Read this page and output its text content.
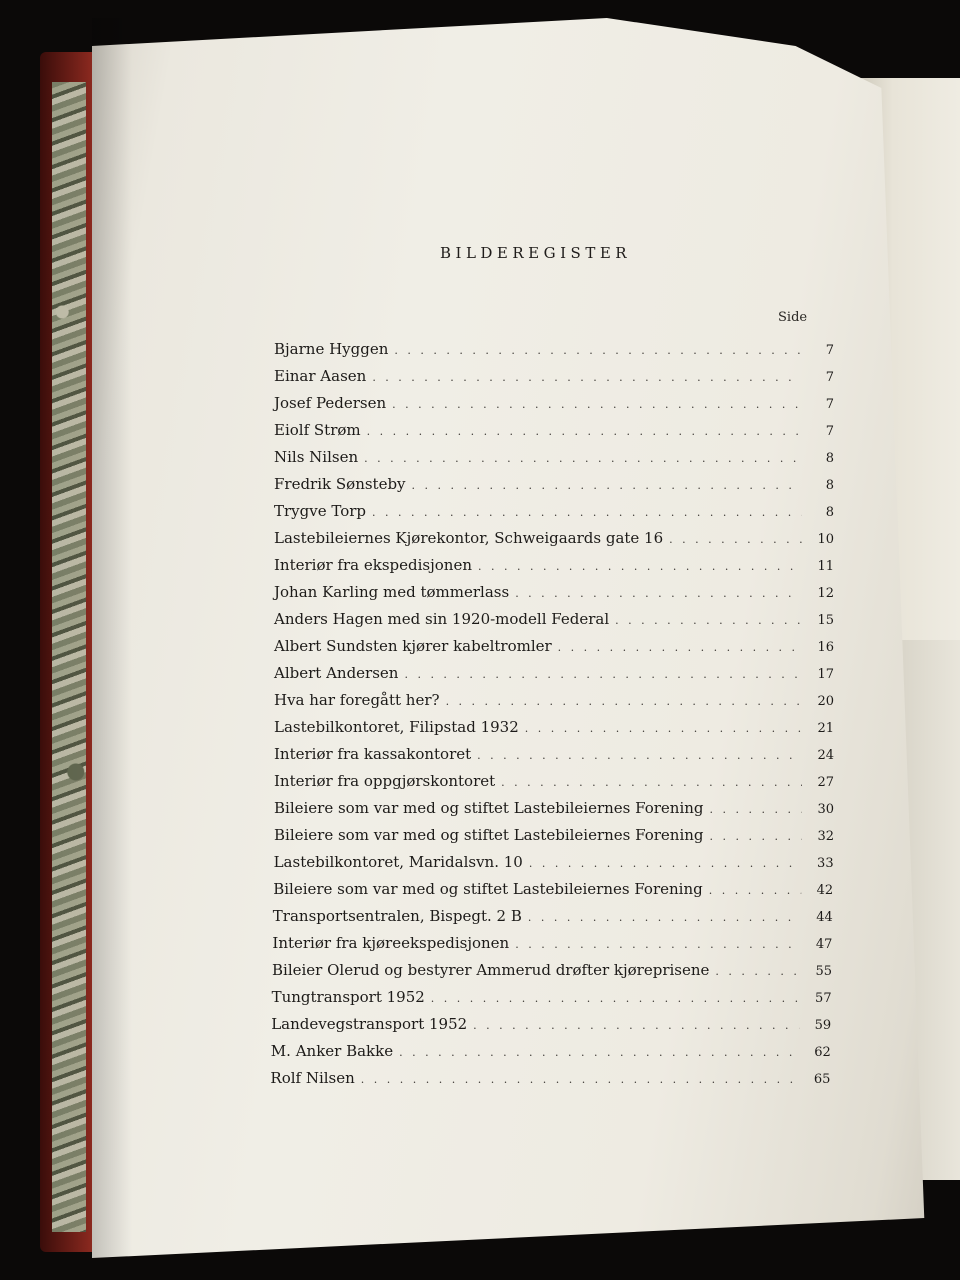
BILDEREGISTER
Side
Bjarne Hyggen . . .	7
Einar Aasen . . .	7
Josef Pedersen . . .	7
Eiolf Strøm . . .	7
Nils Nilsen . . .	8
Fredrik Sønsteby . . .	8
Trygve Torp . . .	8
Lastebileiernes Kjørekontor, Schweigaards gate 16 . . .	10
Interiør fra ekspedisjonen . . .	11
Johan Karling med tømmerlass . . .	12
Anders Hagen med sin 1920-modell Federal . . .	15
Albert Sundsten kjører kabeltromler . . .	16
Albert Andersen . . .	17
Hva har foregått her? . . .	20
Lastebilkontoret, Filipstad 1932 . . .	21
Interiør fra kassakontoret . . .	24
Interiør fra oppgjørskontoret . . .	27
Bileiere som var med og stiftet Lastebileiernes Forening . . .	30
Bileiere som var med og stiftet Lastebileiernes Forening . . .	32
Lastebilkontoret, Maridalsvn. 10 . . .	33
Bileiere som var med og stiftet Lastebileiernes Forening . . .	42
Transportsentralen, Bispegt. 2 B . . .	44
Interiør fra kjøreekspedisjonen . . .	47
Bileier Olerud og bestyrer Ammerud drøfter kjøreprisene . . .	55
Tungtransport 1952 . . .	57
Landevegstransport 1952 . . .	59
M. Anker Bakke . . .	62
Rolf Nilsen . . .	65
